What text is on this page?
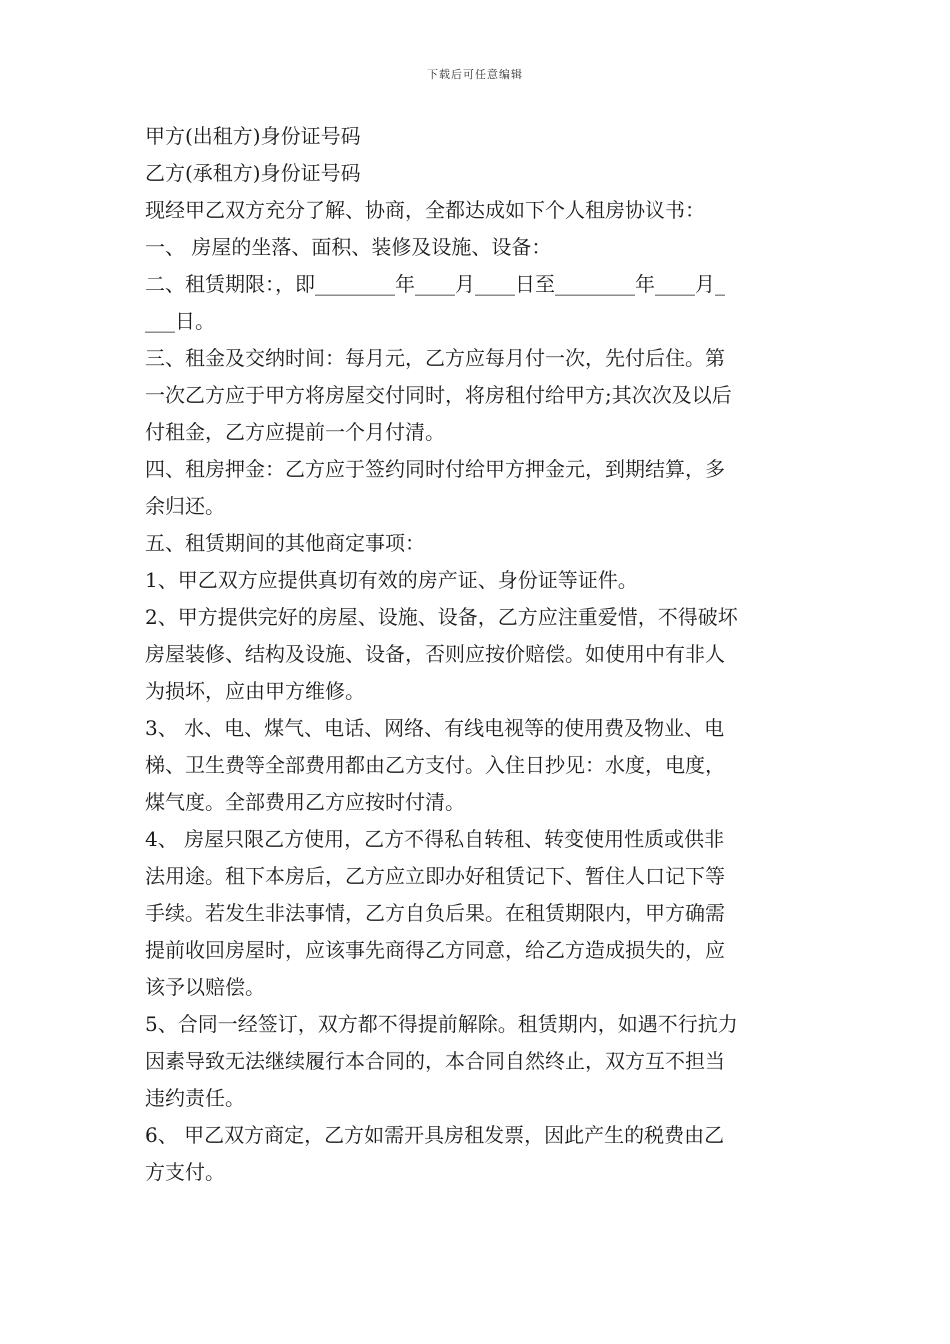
下载后可任意编辑
甲方(出租方)身份证号码
乙方(承租方)身份证号码
现经甲乙双方充分了解、协商，全都达成如下个人租房协议书：
一、 房屋的坐落、面积、装修及设施、设备：
二、租赁期限：，即________年____月____日至________年____月_
___日。
三、租金及交纳时间：每月元，乙方应每月付一次，先付后住。第
一次乙方应于甲方将房屋交付同时，将房租付给甲方;其次次及以后
付租金，乙方应提前一个月付清。
四、租房押金：乙方应于签约同时付给甲方押金元，到期结算，多
余归还。
五、租赁期间的其他商定事项：
1、甲乙双方应提供真切有效的房产证、身份证等证件。
2、甲方提供完好的房屋、设施、设备，乙方应注重爱惜，不得破坏
房屋装修、结构及设施、设备，否则应按价赔偿。如使用中有非人
为损坏，应由甲方维修。
3、 水、电、煤气、电话、网络、有线电视等的使用费及物业、电
梯、卫生费等全部费用都由乙方支付。入住日抄见：水度，电度，
煤气度。全部费用乙方应按时付清。
4、 房屋只限乙方使用，乙方不得私自转租、转变使用性质或供非
法用途。租下本房后，乙方应立即办好租赁记下、暂住人口记下等
手续。若发生非法事情，乙方自负后果。在租赁期限内，甲方确需
提前收回房屋时，应该事先商得乙方同意，给乙方造成损失的，应
该予以赔偿。
5、合同一经签订，双方都不得提前解除。租赁期内，如遇不行抗力
因素导致无法继续履行本合同的，本合同自然终止，双方互不担当
违约责任。
6、 甲乙双方商定，乙方如需开具房租发票，因此产生的税费由乙
方支付。
